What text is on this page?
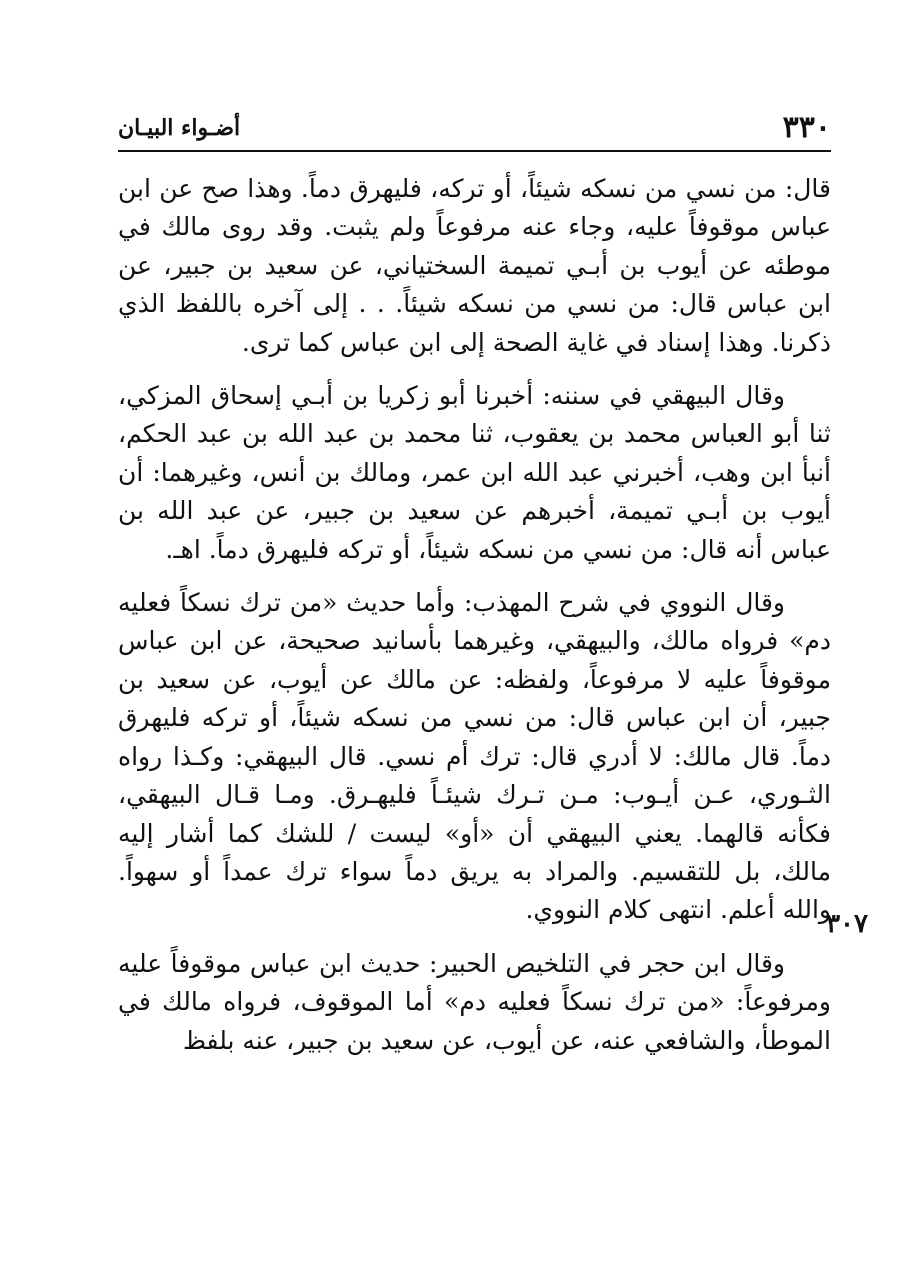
٣٣٠
أضـواء البيـان
٣٠٧

قال: من نسي من نسكه شيئاً، أو تركه، فليهرق دماً. وهذا صح عن ابن عباس موقوفاً عليه، وجاء عنه مرفوعاً ولم يثبت. وقد روى مالك في موطئه عن أيوب بن أبـي تميمة السختياني، عن سعيد بن جبير، عن ابن عباس قال: من نسي من نسكه شيئاً. . . إلى آخره باللفظ الذي ذكرنا. وهذا إسناد في غاية الصحة إلى ابن عباس كما ترى.

وقال البيهقي في سننه: أخبرنا أبو زكريا بن أبـي إسحاق المزكي، ثنا أبو العباس محمد بن يعقوب، ثنا محمد بن عبد الله بن عبد الحكم، أنبأ ابن وهب، أخبرني عبد الله ابن عمر، ومالك بن أنس، وغيرهما: أن أيوب بن أبـي تميمة، أخبرهم عن سعيد بن جبير، عن عبد الله بن عباس أنه قال: من نسي من نسكه شيئاً، أو تركه فليهرق دماً. اهـ.

وقال النووي في شرح المهذب: وأما حديث «من ترك نسكاً فعليه دم» فرواه مالك، والبيهقي، وغيرهما بأسانيد صحيحة، عن ابن عباس موقوفاً عليه لا مرفوعاً، ولفظه: عن مالك عن أيوب، عن سعيد بن جبير، أن ابن عباس قال: من نسي من نسكه شيئاً، أو تركه فليهرق دماً. قال مالك: لا أدري قال: ترك أم نسي. قال البيهقي: وكـذا رواه الثـوري، عـن أيـوب: مـن تـرك شيئـاً فليهـرق. ومـا قـال البيهقي، فكأنه قالهما. يعني البيهقي أن «أو» ليست / للشك كما أشار إليه مالك، بل للتقسيم. والمراد به يريق دماً سواء ترك عمداً أو سهواً. والله أعلم. انتهى كلام النووي.

وقال ابن حجر في التلخيص الحبير: حديث ابن عباس موقوفاً عليه ومرفوعاً: «من ترك نسكاً فعليه دم» أما الموقوف، فرواه مالك في الموطأ، والشافعي عنه، عن أيوب، عن سعيد بن جبير، عنه بلفظ
